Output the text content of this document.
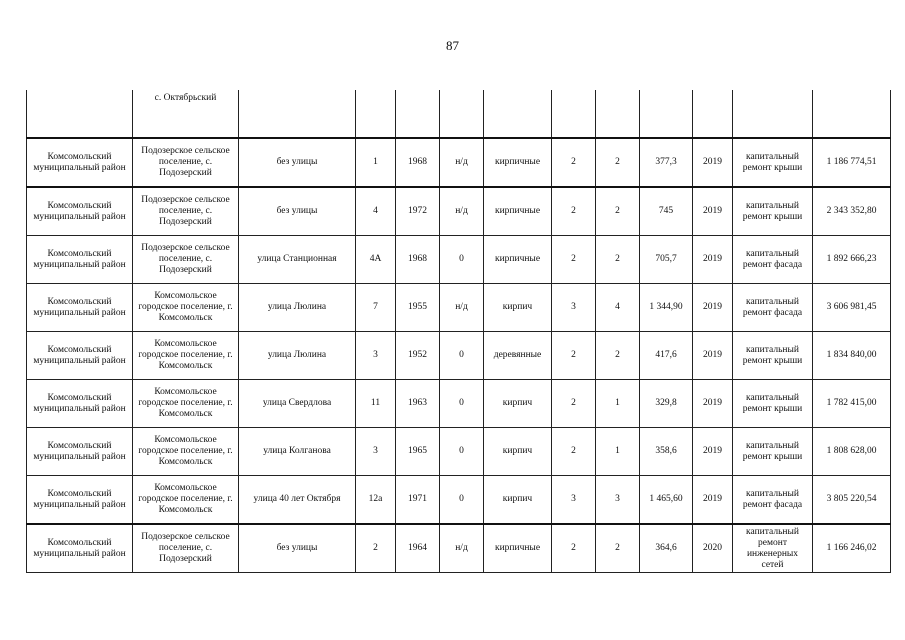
87
	с. Октябрьский											
Комсомольский муниципальный район	Подозерское сельское поселение, с. Подозерский	без улицы	1	1968	н/д	кирпичные	2	2	377,3	2019	капитальный ремонт крыши	1 186 774,51
Комсомольский муниципальный район	Подозерское сельское поселение, с. Подозерский	без улицы	4	1972	н/д	кирпичные	2	2	745	2019	капитальный ремонт крыши	2 343 352,80
Комсомольский муниципальный район	Подозерское сельское поселение, с. Подозерский	улица Станционная	4А	1968	0	кирпичные	2	2	705,7	2019	капитальный ремонт фасада	1 892 666,23
Комсомольский муниципальный район	Комсомольское городское поселение, г. Комсомольск	улица Люлина	7	1955	н/д	кирпич	3	4	1 344,90	2019	капитальный ремонт фасада	3 606 981,45
Комсомольский муниципальный район	Комсомольское городское поселение, г. Комсомольск	улица Люлина	3	1952	0	деревянные	2	2	417,6	2019	капитальный ремонт крыши	1 834 840,00
Комсомольский муниципальный район	Комсомольское городское поселение, г. Комсомольск	улица Свердлова	11	1963	0	кирпич	2	1	329,8	2019	капитальный ремонт крыши	1 782 415,00
Комсомольский муниципальный район	Комсомольское городское поселение, г. Комсомольск	улица Колганова	3	1965	0	кирпич	2	1	358,6	2019	капитальный ремонт крыши	1 808 628,00
Комсомольский муниципальный район	Комсомольское городское поселение, г. Комсомольск	улица 40 лет Октября	12а	1971	0	кирпич	3	3	1 465,60	2019	капитальный ремонт фасада	3 805 220,54
Комсомольский муниципальный район	Подозерское сельское поселение, с. Подозерский	без улицы	2	1964	н/д	кирпичные	2	2	364,6	2020	капитальный ремонт инженерных сетей	1 166 246,02
